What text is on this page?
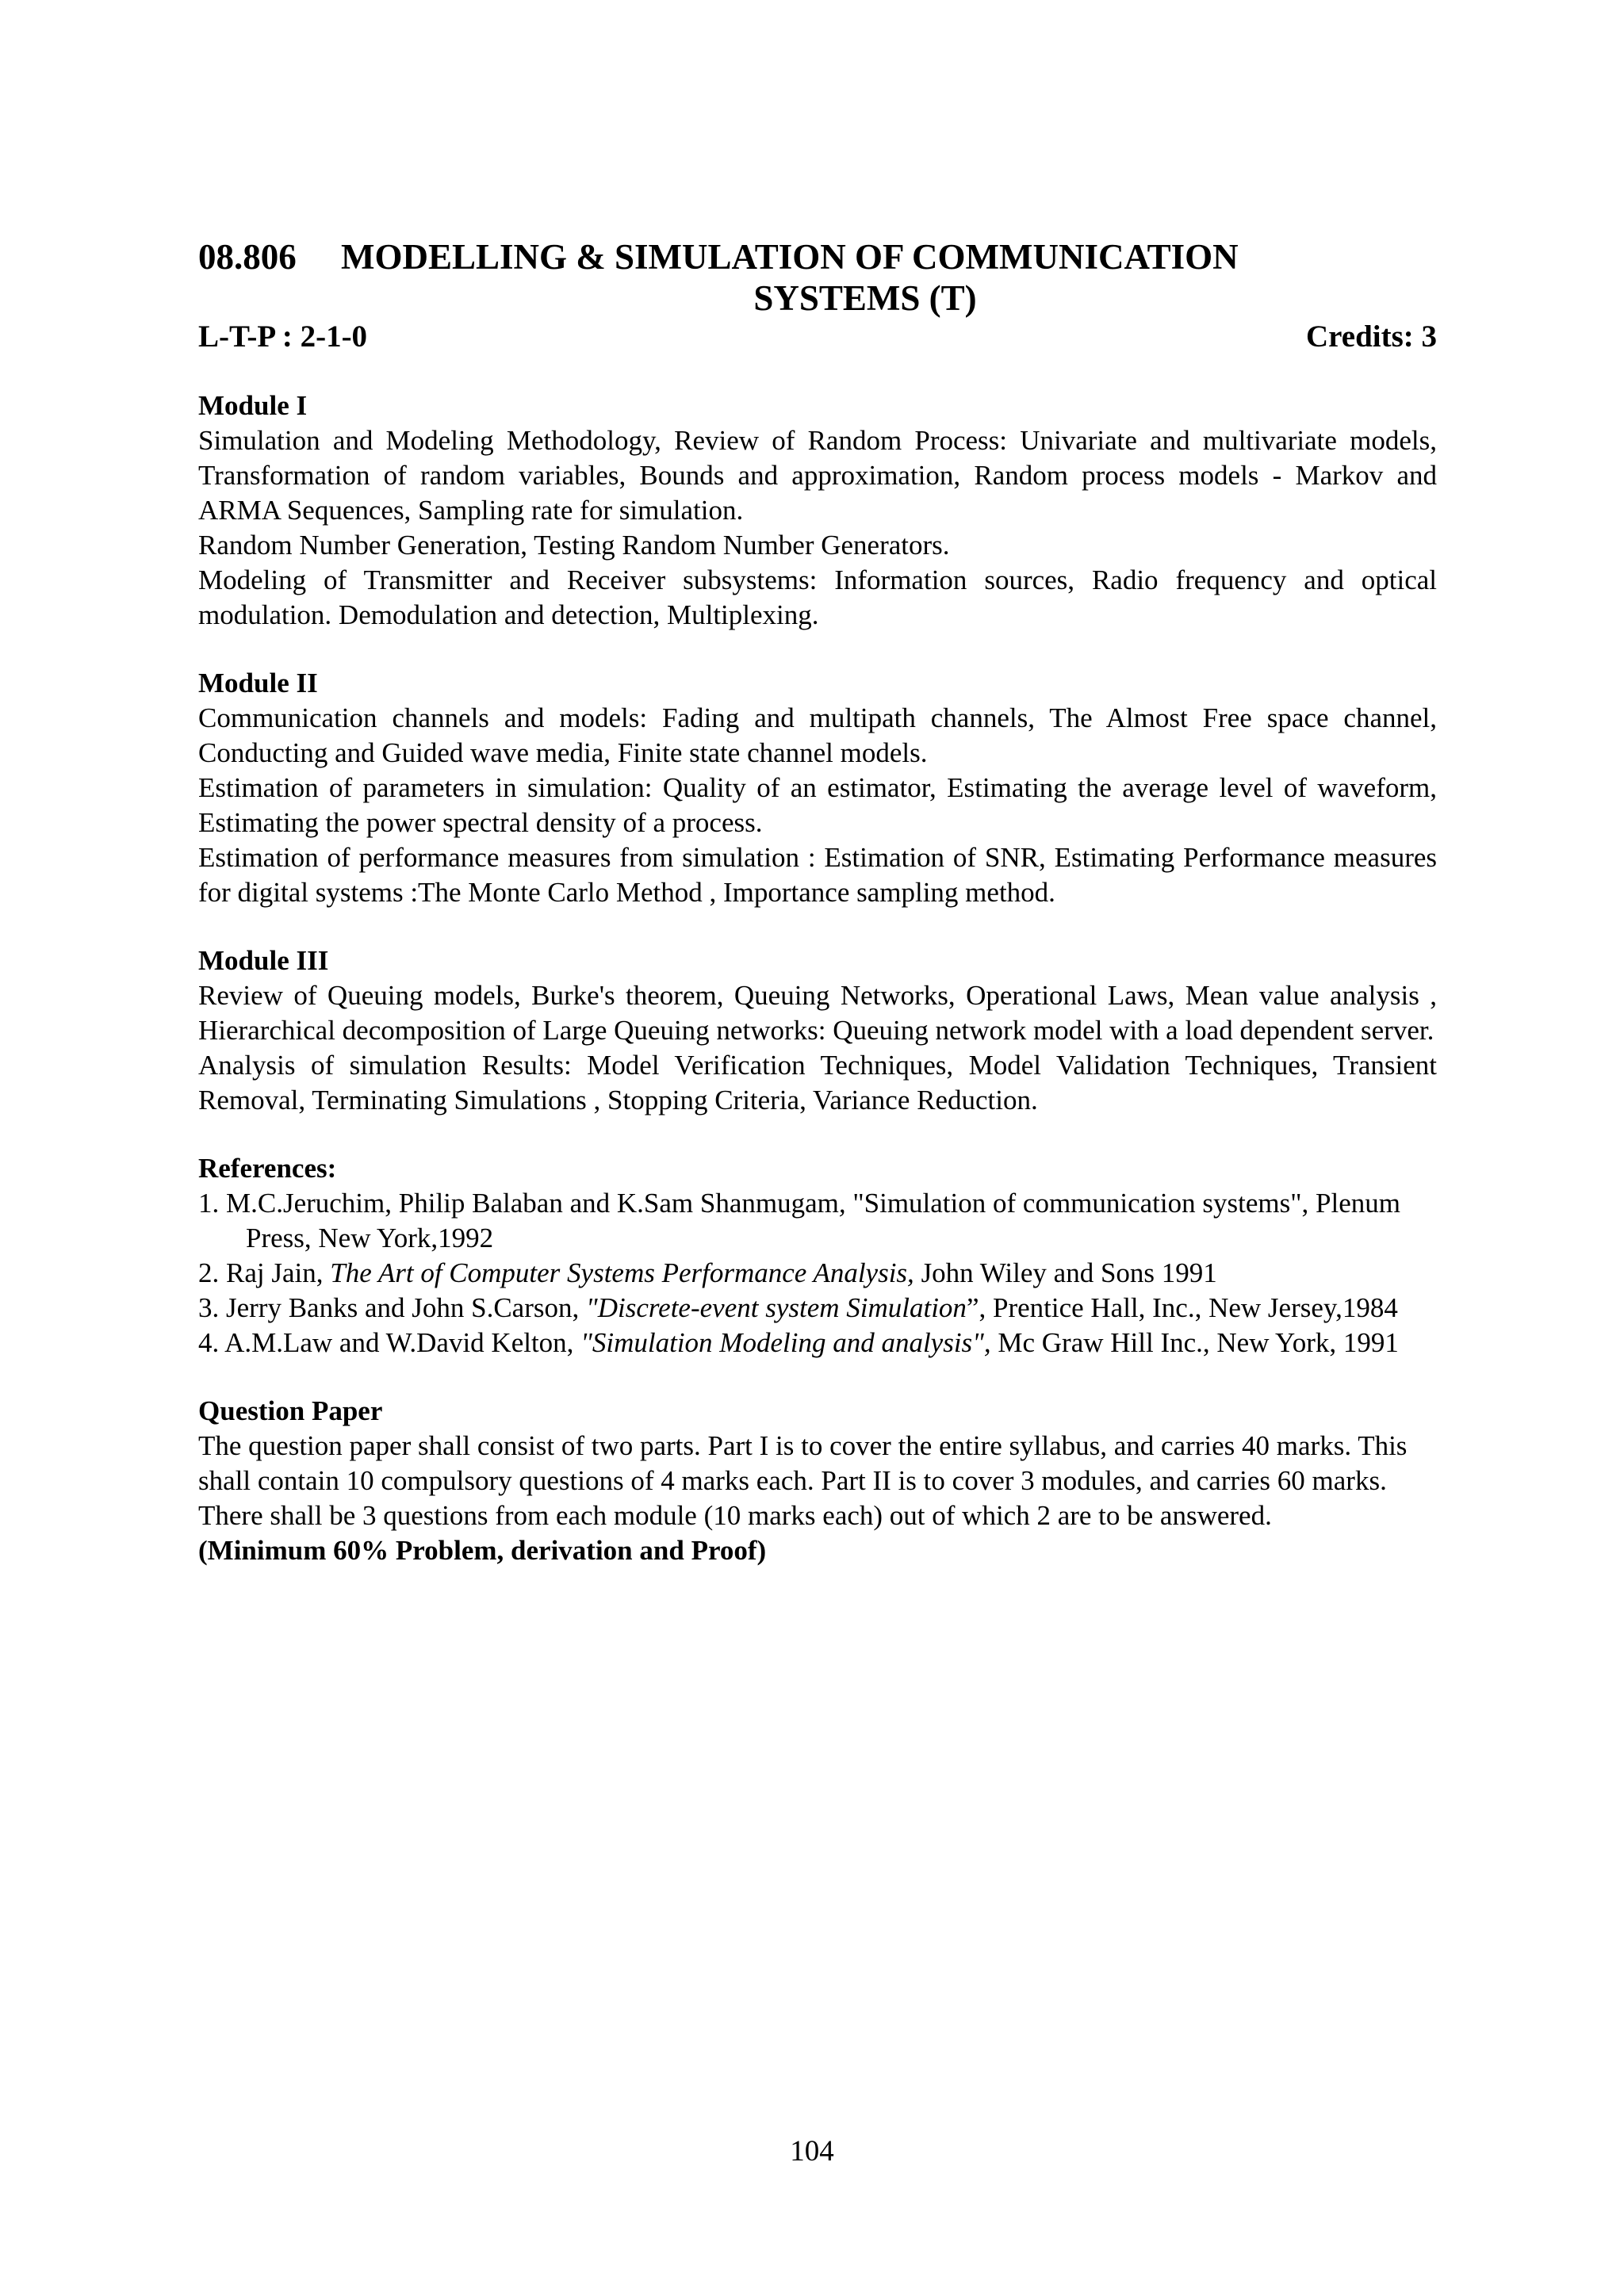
08.806 MODELLING & SIMULATION OF COMMUNICATION
SYSTEMS (T)
L-T-P : 2-1-0	Credits: 3
Module I
Simulation and Modeling Methodology, Review of Random Process: Univariate and multivariate models, Transformation of random variables, Bounds and approximation, Random process models - Markov and ARMA Sequences, Sampling rate for simulation.
Random Number Generation, Testing Random Number Generators.
Modeling of Transmitter and Receiver subsystems: Information sources, Radio frequency and optical modulation. Demodulation and detection, Multiplexing.
Module II
Communication channels and models: Fading and multipath channels, The Almost Free space channel, Conducting and Guided wave media, Finite state channel models.
Estimation of parameters in simulation: Quality of an estimator, Estimating the average level of waveform, Estimating the power spectral density of a process.
Estimation of performance measures from simulation : Estimation of SNR, Estimating Performance measures for digital systems :The Monte Carlo Method , Importance sampling method.
Module III
Review of Queuing models, Burke's theorem, Queuing Networks, Operational Laws, Mean value analysis , Hierarchical decomposition of Large Queuing networks: Queuing network model with a load dependent server.
Analysis of simulation Results: Model Verification Techniques, Model Validation Techniques, Transient Removal, Terminating Simulations , Stopping Criteria, Variance Reduction.
References:
1. M.C.Jeruchim, Philip Balaban and K.Sam Shanmugam, "Simulation of communication systems", Plenum Press, New York,1992
2. Raj Jain, The Art of Computer Systems Performance Analysis, John Wiley and Sons 1991
3. Jerry Banks and John S.Carson, "Discrete-event system Simulation”, Prentice Hall, Inc., New Jersey,1984
4. A.M.Law and W.David Kelton, "Simulation Modeling and analysis", Mc Graw Hill Inc., New York, 1991
Question Paper
The question paper shall consist of two parts. Part I is to cover the entire syllabus, and carries 40 marks. This shall contain 10 compulsory questions of 4 marks each. Part II is to cover 3 modules, and carries 60 marks. There shall be 3 questions from each module (10 marks each) out of which 2 are to be answered.
(Minimum 60% Problem, derivation and Proof)
104
